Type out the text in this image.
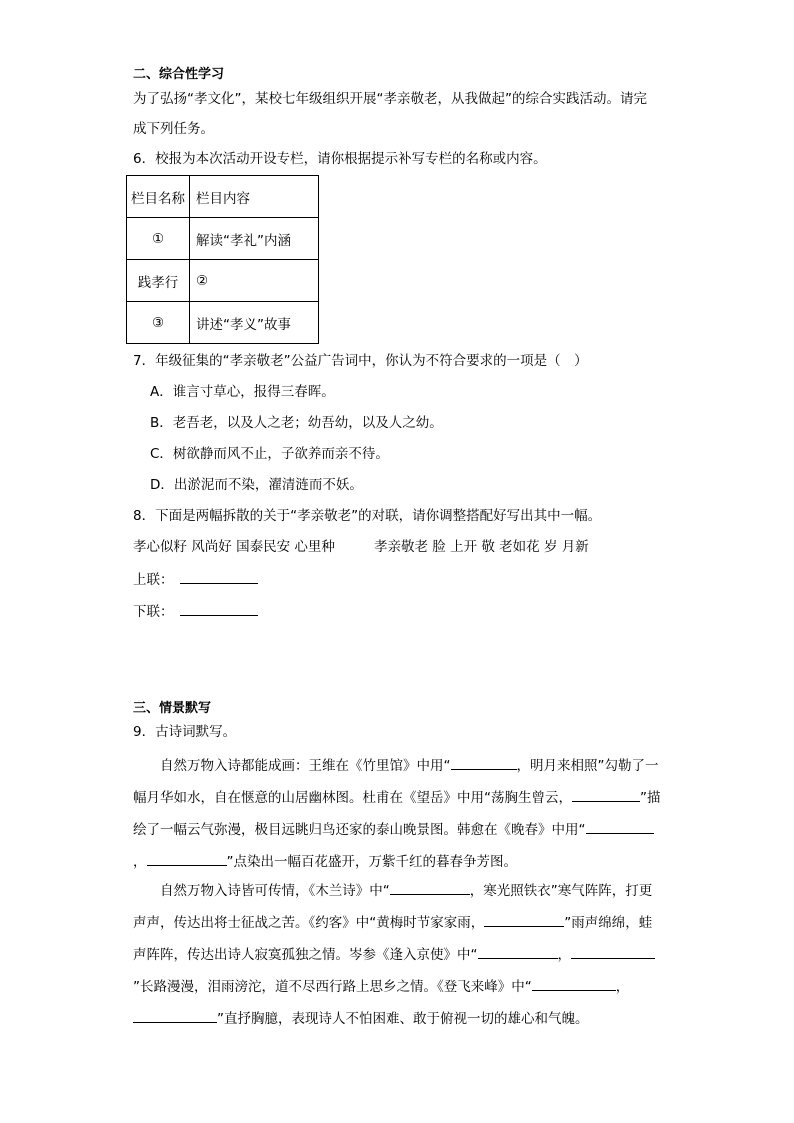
二、综合性学习
为了弘扬“孝文化”，某校七年级组织开展“孝亲敬老，从我做起”的综合实践活动。请完
成下列任务。
6．校报为本次活动开设专栏，请你根据提示补写专栏的名称或内容。
栏目名称	栏目内容
①	解读“孝礼”内涵
践孝行	②
③	讲述“孝义”故事
7．年级征集的“孝亲敬老”公益广告词中，你认为不符合要求的一项是（　）
A．谁言寸草心，报得三春晖。
B．老吾老，以及人之老；幼吾幼，以及人之幼。
C．树欲静而风不止，子欲养而亲不待。
D．出淤泥而不染，濯清涟而不妖。
8．下面是两幅拆散的关于“孝亲敬老”的对联，请你调整搭配好写出其中一幅。
孝心似籽 风尚好 国泰民安 心里种	孝亲敬老 脸 上开 敬 老如花 岁 月新
上联：
下联：
三、情景默写
9．古诗词默写。
自然万物入诗都能成画：王维在《竹里馆》中用“	，明月来相照”勾勒了一幅月华如水，自在惬意的山居幽林图。杜甫在《望岳》中用“荡胸生曾云，	”描绘了一幅云气弥漫，极目远眺归鸟还家的泰山晚景图。韩愈在《晚春》中用“，	”点染出一幅百花盛开，万紫千红的暮春争芳图。
自然万物入诗皆可传情，《木兰诗》中“	，寒光照铁衣”寒气阵阵，打更声声，传达出将士征战之苦。《约客》中“黄梅时节家家雨，	”雨声绵绵，蛙声阵阵，传达出诗人寂寞孤独之情。岑参《逢入京使》中“	，”长路漫漫，泪雨滂沱，道不尽西行路上思乡之情。《登飞来峰》中“	，”直抒胸臆，表现诗人不怕困难、敢于俯视一切的雄心和气魄。
